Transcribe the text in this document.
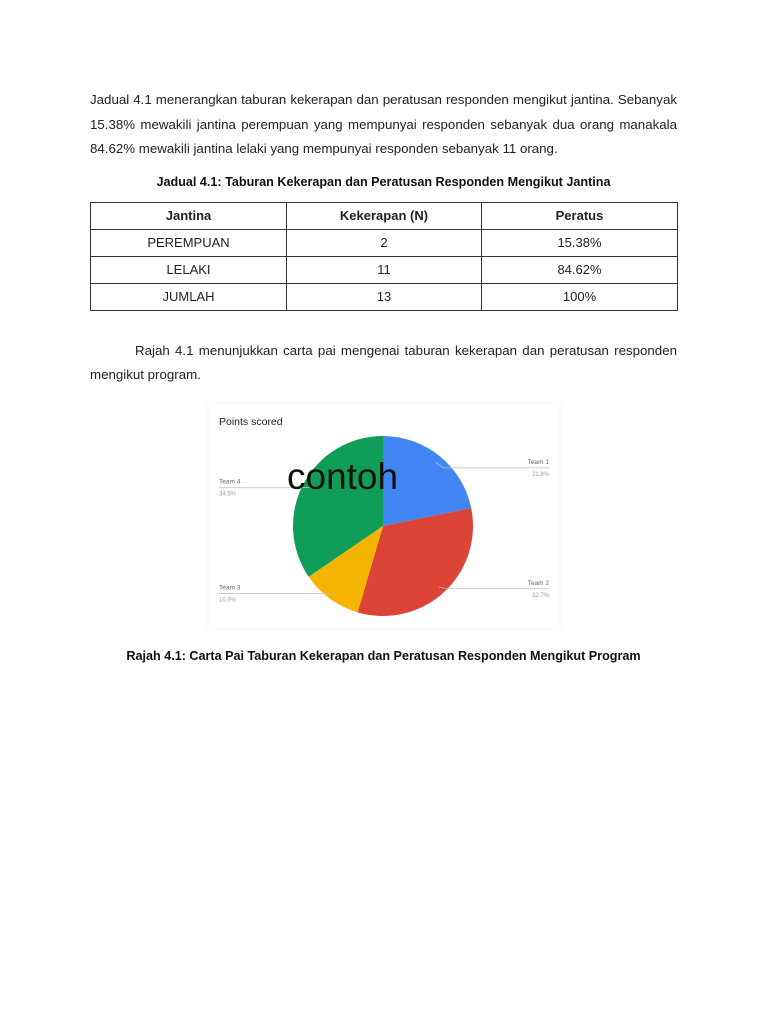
Jadual 4.1 menerangkan taburan kekerapan dan peratusan responden mengikut jantina. Sebanyak 15.38% mewakili jantina perempuan yang mempunyai responden sebanyak dua orang manakala 84.62% mewakili jantina lelaki yang mempunyai responden sebanyak 11 orang.

Jadual 4.1: Taburan Kekerapan dan Peratusan Responden Mengikut Jantina
Jantina	Kekerapan (N)	Peratus
PEREMPUAN	2	15.38%
LELAKI	11	84.62%
JUMLAH	13	100%

Rajah 4.1 menunjukkan carta pai mengenai taburan kekerapan dan peratusan responden mengikut program.

Points scored
Team 1
21.8%
Team 2
32.7%
Team 3
10.9%
Team 4
34.5% contoh
Rajah 4.1: Carta Pai Taburan Kekerapan dan Peratusan Responden Mengikut Program
